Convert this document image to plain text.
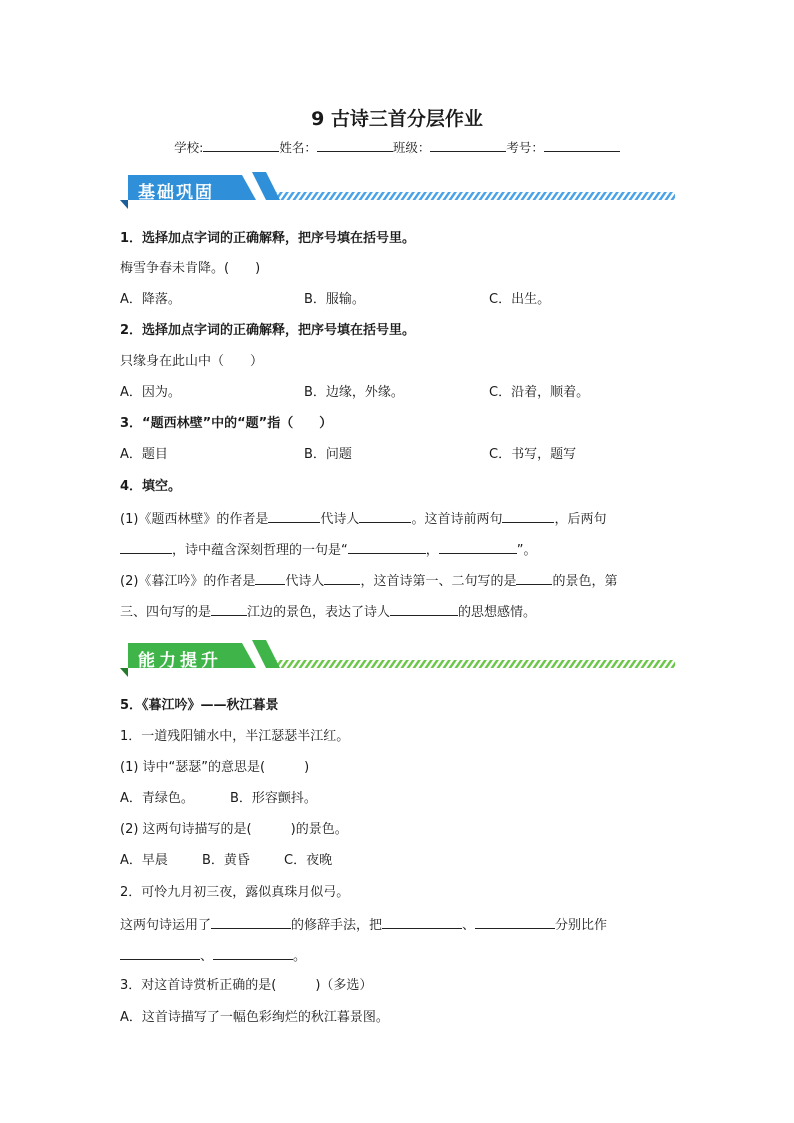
9 古诗三首分层作业
学校:	姓名：	班级：	考号：
基础巩固
1．选择加点字词的正确解释，把序号填在括号里。
梅雪争春未肯降。(　　)
A．降落。	B．服输。	C．出生。
2．选择加点字词的正确解释，把序号填在括号里。
只缘身在此山中（　　）
A．因为。	B．边缘，外缘。	C．沿着，顺着。
3．“题西林壁”中的“题”指（　　）
A．题目	B．问题	C．书写，题写
4．填空。
(1)《题西林壁》的作者是	代诗人	。这首诗前两句	，后两句
，诗中蕴含深刻哲理的一句是“	，	”。
(2)《暮江吟》的作者是 代诗人	，这首诗第一、二句写的是	的景色，第
三、四句写的是	江边的景色，表达了诗人	的思想感情。
能力提升
5．《暮江吟》——秋江暮景
1．一道残阳铺水中，半江瑟瑟半江红。
(1) 诗中“瑟瑟”的意思是(　　　)
A．青绿色。	B．形容颤抖。
(2) 这两句诗描写的是(　　　)的景色。
A．早晨	B．黄昏	C．夜晚
2．可怜九月初三夜，露似真珠月似弓。
这两句诗运用了	的修辞手法，把	、	分别比作
、	。
3．对这首诗赏析正确的是(　　　)（多选）
A．这首诗描写了一幅色彩绚烂的秋江暮景图。
